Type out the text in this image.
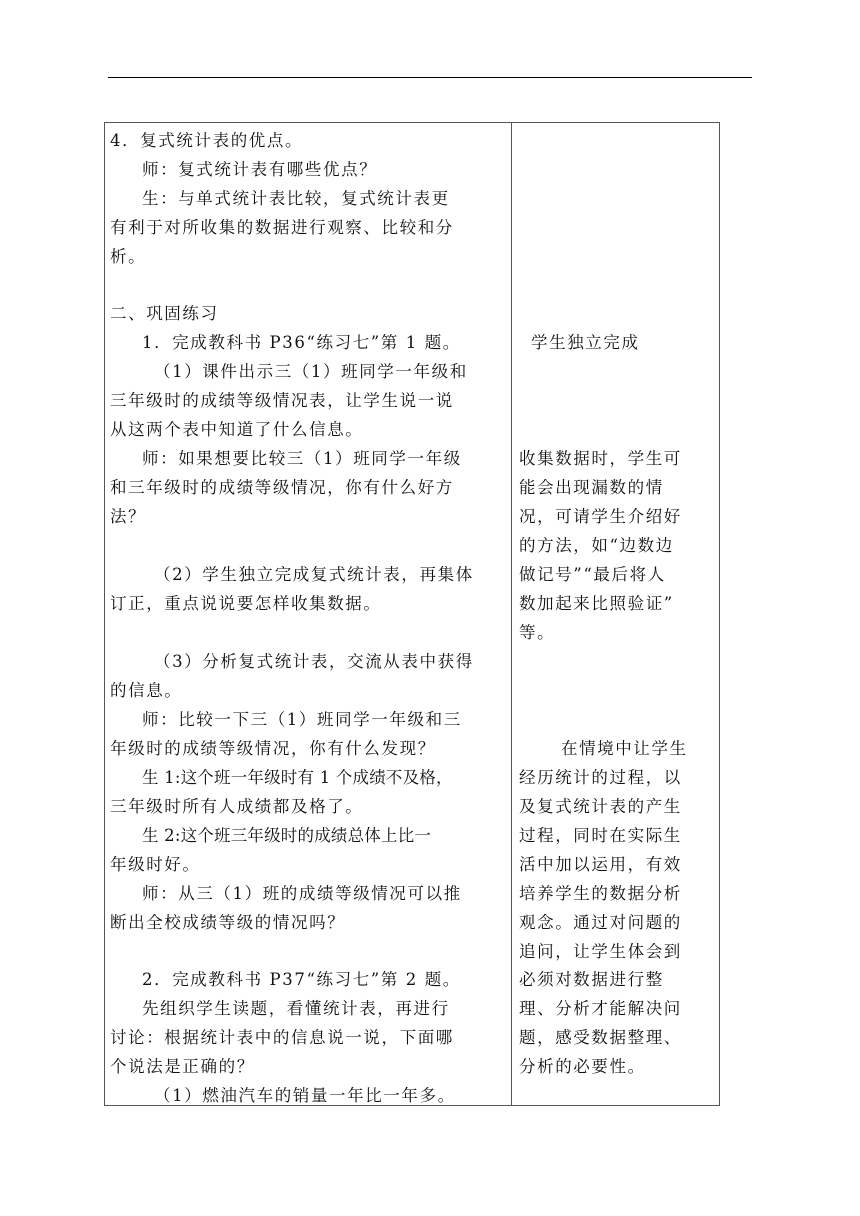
4．复式统计表的优点。
师：复式统计表有哪些优点？
生：与单式统计表比较，复式统计表更
有利于对所收集的数据进行观察、比较和分
析。
二、巩固练习
1．完成教科书 P36“练习七”第 1 题。
（1）课件出示三（1）班同学一年级和
三年级时的成绩等级情况表，让学生说一说
从这两个表中知道了什么信息。
师：如果想要比较三（1）班同学一年级
和三年级时的成绩等级情况，你有什么好方
法？
（2）学生独立完成复式统计表，再集体
订正，重点说说要怎样收集数据。
（3）分析复式统计表，交流从表中获得
的信息。
师：比较一下三（1）班同学一年级和三
年级时的成绩等级情况，你有什么发现？
生 1:这个班一年级时有 1 个成绩不及格，
三年级时所有人成绩都及格了。
生 2:这个班三年级时的成绩总体上比一
年级时好。
师：从三（1）班的成绩等级情况可以推
断出全校成绩等级的情况吗？
2．完成教科书 P37“练习七”第 2 题。
先组织学生读题，看懂统计表，再进行
讨论：根据统计表中的信息说一说，下面哪
个说法是正确的？
（1）燃油汽车的销量一年比一年多。
学生独立完成
收集数据时，学生可
能会出现漏数的情
况，可请学生介绍好
的方法，如“边数边
做记号”“最后将人
数加起来比照验证”
等。
在情境中让学生
经历统计的过程，以
及复式统计表的产生
过程，同时在实际生
活中加以运用，有效
培养学生的数据分析
观念。通过对问题的
追问，让学生体会到
必须对数据进行整
理、分析才能解决问
题，感受数据整理、
分析的必要性。
